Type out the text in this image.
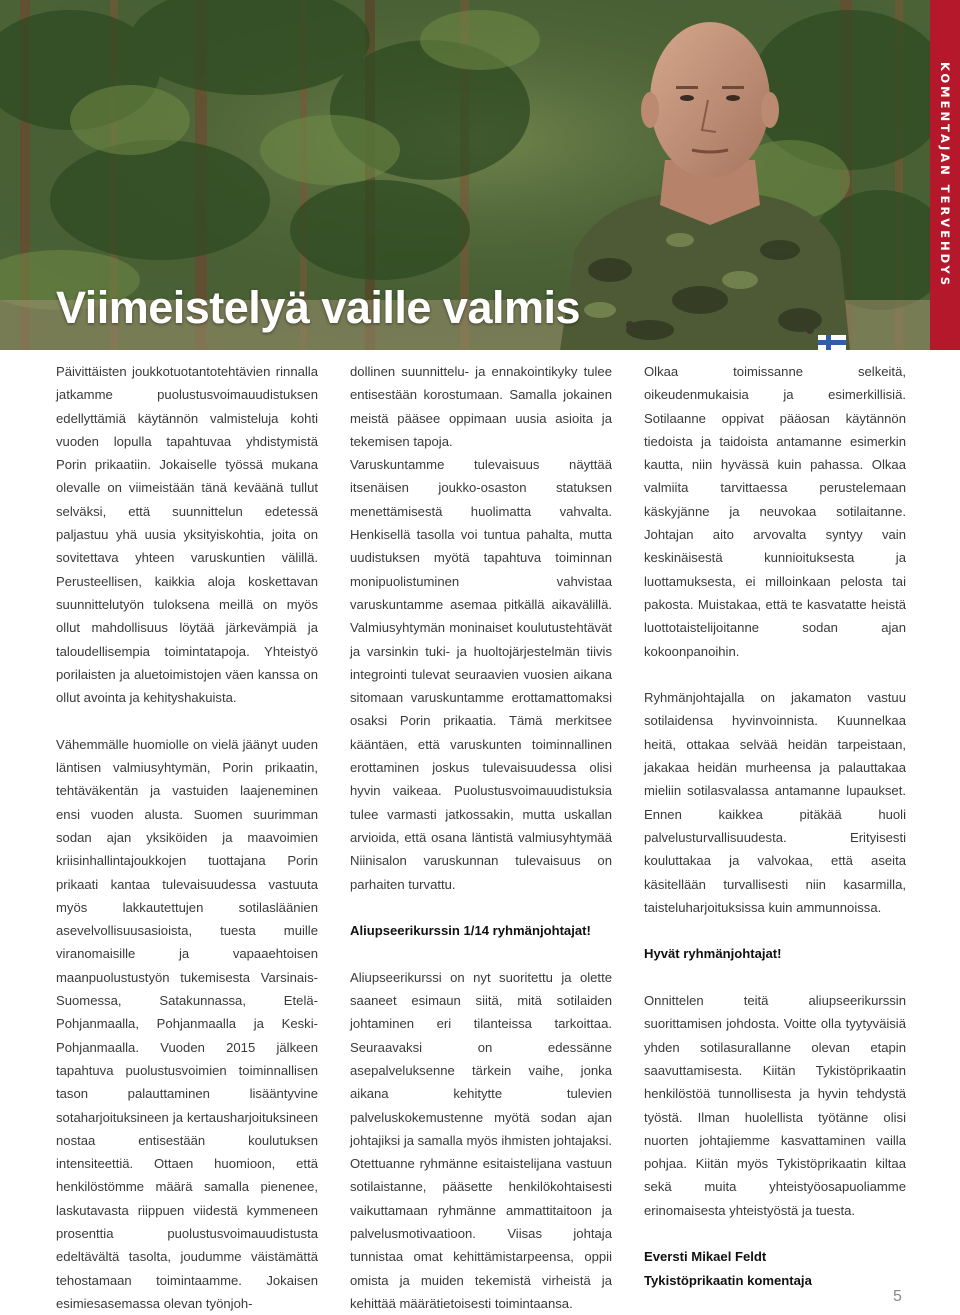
Viimeistelyä vaille valmis
KOMENTAJAN TERVEHDYS

Päivittäisten joukkotuotantotehtävien rinnalla jatkamme puolustusvoimauudistuksen edellyttämiä käytännön valmisteluja kohti vuoden lopulla tapahtuvaa yhdistymistä Porin prikaatiin. Jokaiselle työssä mukana olevalle on viimeistään tänä keväänä tullut selväksi, että suunnittelun edetessä paljastuu yhä uusia yksityiskohtia, joita on sovitettava yhteen varuskuntien välillä. Perusteellisen, kaikkia aloja koskettavan suunnittelutyön tuloksena meillä on myös ollut mahdollisuus löytää järkevämpiä ja taloudellisempia toimintatapoja. Yhteistyö porilaisten ja aluetoimistojen väen kanssa on ollut avointa ja kehityshakuista.

Vähemmälle huomiolle on vielä jäänyt uuden läntisen valmiusyhtymän, Porin prikaatin, tehtäväkentän ja vastuiden laajeneminen ensi vuoden alusta. Suomen suurimman sodan ajan yksiköiden ja maavoimien kriisinhallintajoukkojen tuottajana Porin prikaati kantaa tulevaisuudessa vastuuta myös lakkautettujen sotilasläänien asevelvollisuusasioista, tuesta muille viranomaisille ja vapaaehtoisen maanpuolustustyön tukemisesta Varsinais-Suomessa, Satakunnassa, Etelä-Pohjanmaalla, Pohjanmaalla ja Keski-Pohjanmaalla. Vuoden 2015 jälkeen tapahtuva puolustusvoimien toiminnallisen tason palauttaminen lisääntyvine sotaharjoituksineen ja kertausharjoituksineen nostaa entisestään koulutuksen intensiteettiä. Ottaen huomioon, että henkilöstömme määrä samalla pienenee, laskutavasta riippuen viidestä kymmeneen prosenttia puolustusvoimauudistusta edeltävältä tasolta, joudumme väistämättä tehostamaan toimintaamme. Jokaisen esimiesasemassa olevan työnjoh-

dollinen suunnittelu- ja ennakointikyky tulee entisestään korostumaan. Samalla jokainen meistä pääsee oppimaan uusia asioita ja tekemisen tapoja.

Varuskuntamme tulevaisuus näyttää itsenäisen joukko-osaston statuksen menettämisestä huolimatta vahvalta. Henkisellä tasolla voi tuntua pahalta, mutta uudistuksen myötä tapahtuva toiminnan monipuolistuminen vahvistaa varuskuntamme asemaa pitkällä aikavälillä. Valmiusyhtymän moninaiset koulutustehtävät ja varsinkin tuki- ja huoltojärjestelmän tiivis integrointi tulevat seuraavien vuosien aikana sitomaan varuskuntamme erottamattomaksi osaksi Porin prikaatia. Tämä merkitsee kääntäen, että varuskunten toiminnallinen erottaminen joskus tulevaisuudessa olisi hyvin vaikeaa. Puolustusvoimauudistuksia tulee varmasti jatkossakin, mutta uskallan arvioida, että osana läntistä valmiusyhtymää Niinisalon varuskunnan tulevaisuus on parhaiten turvattu.

Aliupseerikurssin 1/14 ryhmänjohtajat!

Aliupseerikurssi on nyt suoritettu ja olette saaneet esimaun siitä, mitä sotilaiden johtaminen eri tilanteissa tarkoittaa. Seuraavaksi on edessänne asepalveluksenne tärkein vaihe, jonka aikana kehitytte tulevien palveluskokemustenne myötä sodan ajan johtajiksi ja samalla myös ihmisten johtajaksi. Otettuanne ryhmänne esitaistelijana vastuun sotilaistanne, pääsette henkilökohtaisesti vaikuttamaan ryhmänne ammattitaitoon ja palvelusmotivaatioon. Viisas johtaja tunnistaa omat kehittämistarpeensa, oppii omista ja muiden tekemistä virheistä ja kehittää määrätietoisesti toimintaansa.

Olkaa toimissanne selkeitä, oikeudenmukaisia ja esimerkillisiä. Sotilaanne oppivat pääosan käytännön tiedoista ja taidoista antamanne esimerkin kautta, niin hyvässä kuin pahassa. Olkaa valmiita tarvittaessa perustelemaan käskyjänne ja neuvokaa sotilaitanne. Johtajan aito arvovalta syntyy vain keskinäisestä kunnioituksesta ja luottamuksesta, ei milloinkaan pelosta tai pakosta. Muistakaa, että te kasvatatte heistä luottotaistelijoitanne sodan ajan kokoonpanoihin.

Ryhmänjohtajalla on jakamaton vastuu sotilaidensa hyvinvoinnista. Kuunnelkaa heitä, ottakaa selvää heidän tarpeistaan, jakakaa heidän murheensa ja palauttakaa mieliin sotilasvalassa antamanne lupaukset. Ennen kaikkea pitäkää huoli palvelusturvallisuudesta. Erityisesti kouluttakaa ja valvokaa, että aseita käsitellään turvallisesti niin kasarmilla, taisteluharjoituksissa kuin ammunnoissa.

Hyvät ryhmänjohtajat!

Onnittelen teitä aliupseerikurssin suorittamisen johdosta. Voitte olla tyytyväisiä yhden sotilasurallanne olevan etapin saavuttamisesta. Kiitän Tykistöprikaatin henkilöstöä tunnollisesta ja hyvin tehdystä työstä. Ilman huolellista työtänne olisi nuorten johtajiemme kasvattaminen vailla pohjaa. Kiitän myös Tykistöprikaatin kiltaa sekä muita yhteistyöosapuoliamme erinomaisesta yhteistyöstä ja tuesta.

Eversti Mikael Feldt
Tykistöprikaatin komentaja
5
